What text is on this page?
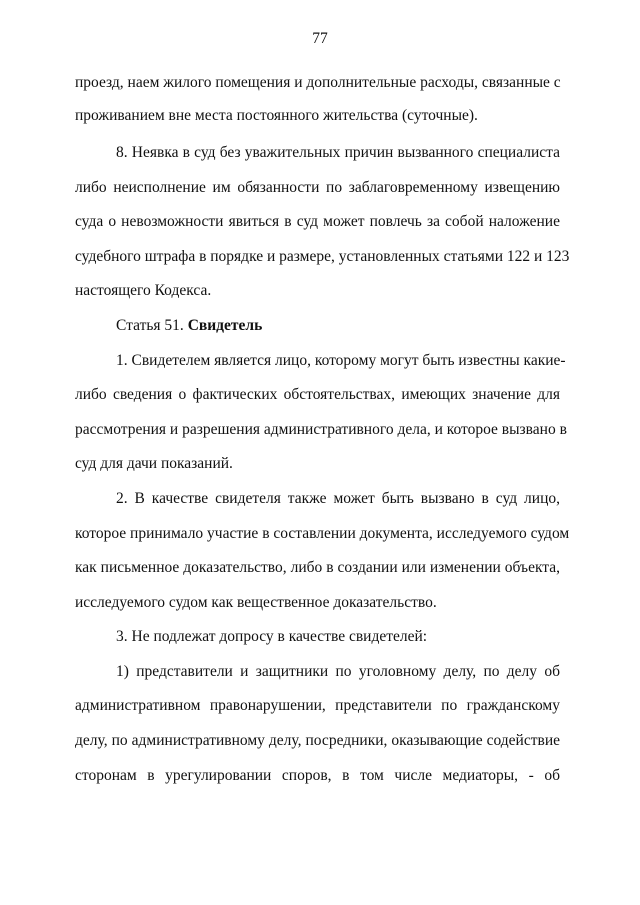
77
проезд, наем жилого помещения и дополнительные расходы, связанные с
проживанием вне места постоянного жительства (суточные).
8. Неявка в суд без уважительных причин вызванного специалиста
либо неисполнение им обязанности по заблаговременному извещению
суда о невозможности явиться в суд может повлечь за собой наложение
судебного штрафа в порядке и размере, установленных статьями 122 и 123
настоящего Кодекса.
Статья 51. Свидетель
1. Свидетелем является лицо, которому могут быть известны какие-
либо сведения о фактических обстоятельствах, имеющих значение для
рассмотрения и разрешения административного дела, и которое вызвано в
суд для дачи показаний.
2. В качестве свидетеля также может быть вызвано в суд лицо,
которое принимало участие в составлении документа, исследуемого судом
как письменное доказательство, либо в создании или изменении объекта,
исследуемого судом как вещественное доказательство.
3. Не подлежат допросу в качестве свидетелей:
1) представители и защитники по уголовному делу, по делу об
административном правонарушении, представители по гражданскому
делу, по административному делу, посредники, оказывающие содействие
сторонам в урегулировании споров, в том числе медиаторы, - об
